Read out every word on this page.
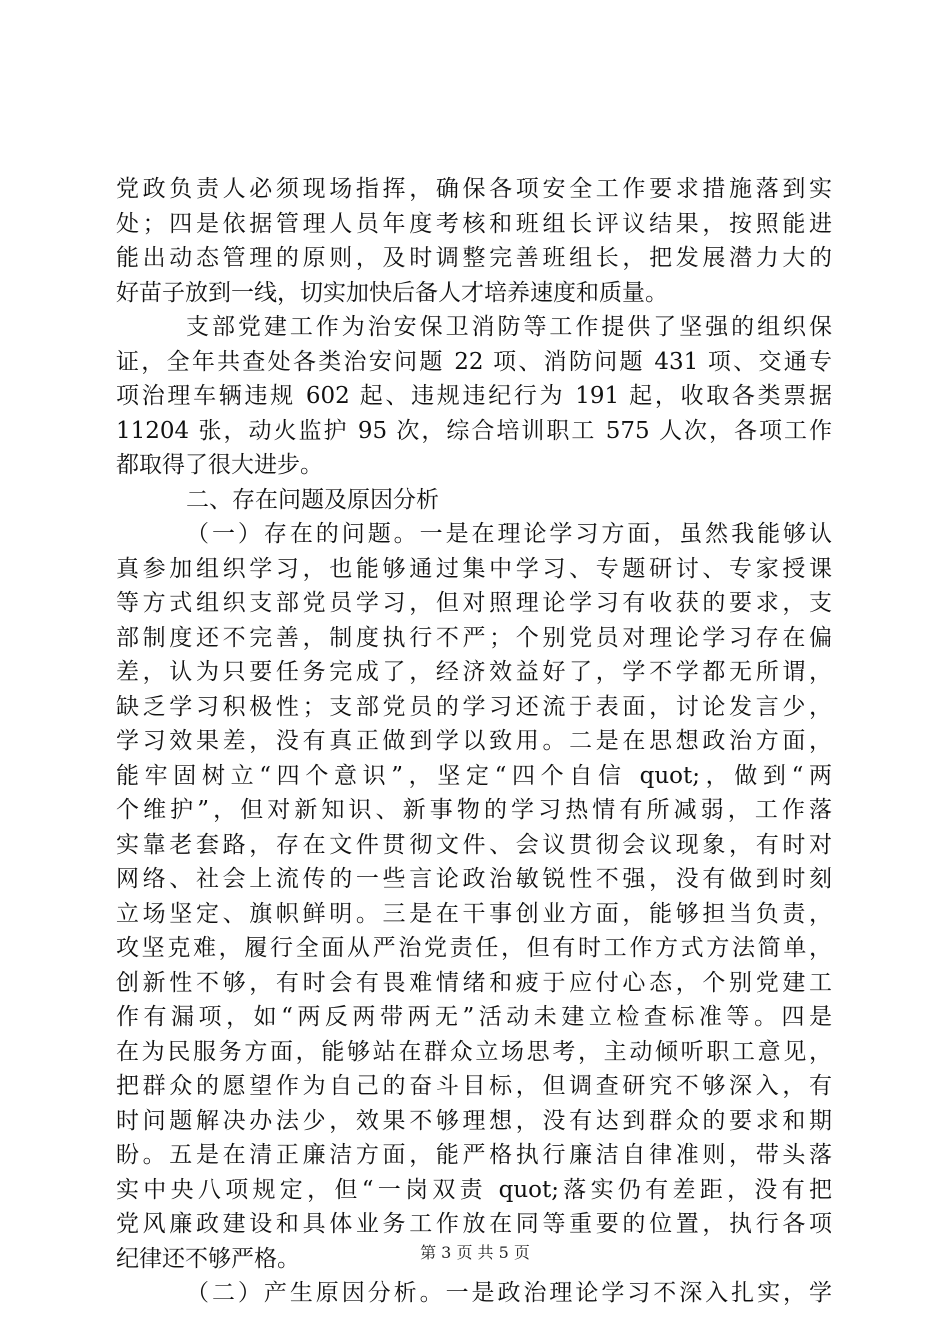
党政负责人必须现场指挥，确保各项安全工作要求措施落到实
处；四是依据管理人员年度考核和班组长评议结果，按照能进
能出动态管理的原则，及时调整完善班组长，把发展潜力大的
好苗子放到一线，切实加快后备人才培养速度和质量。
支部党建工作为治安保卫消防等工作提供了坚强的组织保
证，全年共查处各类治安问题 22 项、消防问题 431 项、交通专
项治理车辆违规 602 起、违规违纪行为 191 起，收取各类票据
11204 张，动火监护 95 次，综合培训职工 575 人次，各项工作
都取得了很大进步。
二、存在问题及原因分析
（一）存在的问题。一是在理论学习方面，虽然我能够认
真参加组织学习，也能够通过集中学习、专题研讨、专家授课
等方式组织支部党员学习，但对照理论学习有收获的要求，支
部制度还不完善，制度执行不严；个别党员对理论学习存在偏
差，认为只要任务完成了，经济效益好了，学不学都无所谓，
缺乏学习积极性；支部党员的学习还流于表面，讨论发言少，
学习效果差，没有真正做到学以致用。二是在思想政治方面，
能牢固树立“四个意识”，坚定“四个自信 quot;，做到“两
个维护”，但对新知识、新事物的学习热情有所减弱，工作落
实靠老套路，存在文件贯彻文件、会议贯彻会议现象，有时对
网络、社会上流传的一些言论政治敏锐性不强，没有做到时刻
立场坚定、旗帜鲜明。三是在干事创业方面，能够担当负责，
攻坚克难，履行全面从严治党责任，但有时工作方式方法简单，
创新性不够，有时会有畏难情绪和疲于应付心态，个别党建工
作有漏项，如“两反两带两无”活动未建立检查标准等。四是
在为民服务方面，能够站在群众立场思考，主动倾听职工意见，
把群众的愿望作为自己的奋斗目标，但调查研究不够深入，有
时问题解决办法少，效果不够理想，没有达到群众的要求和期
盼。五是在清正廉洁方面，能严格执行廉洁自律准则，带头落
实中央八项规定，但“一岗双责 quot;落实仍有差距，没有把
党风廉政建设和具体业务工作放在同等重要的位置，执行各项
纪律还不够严格。
（二）产生原因分析。一是政治理论学习不深入扎实，学
第 3 页 共 5 页
